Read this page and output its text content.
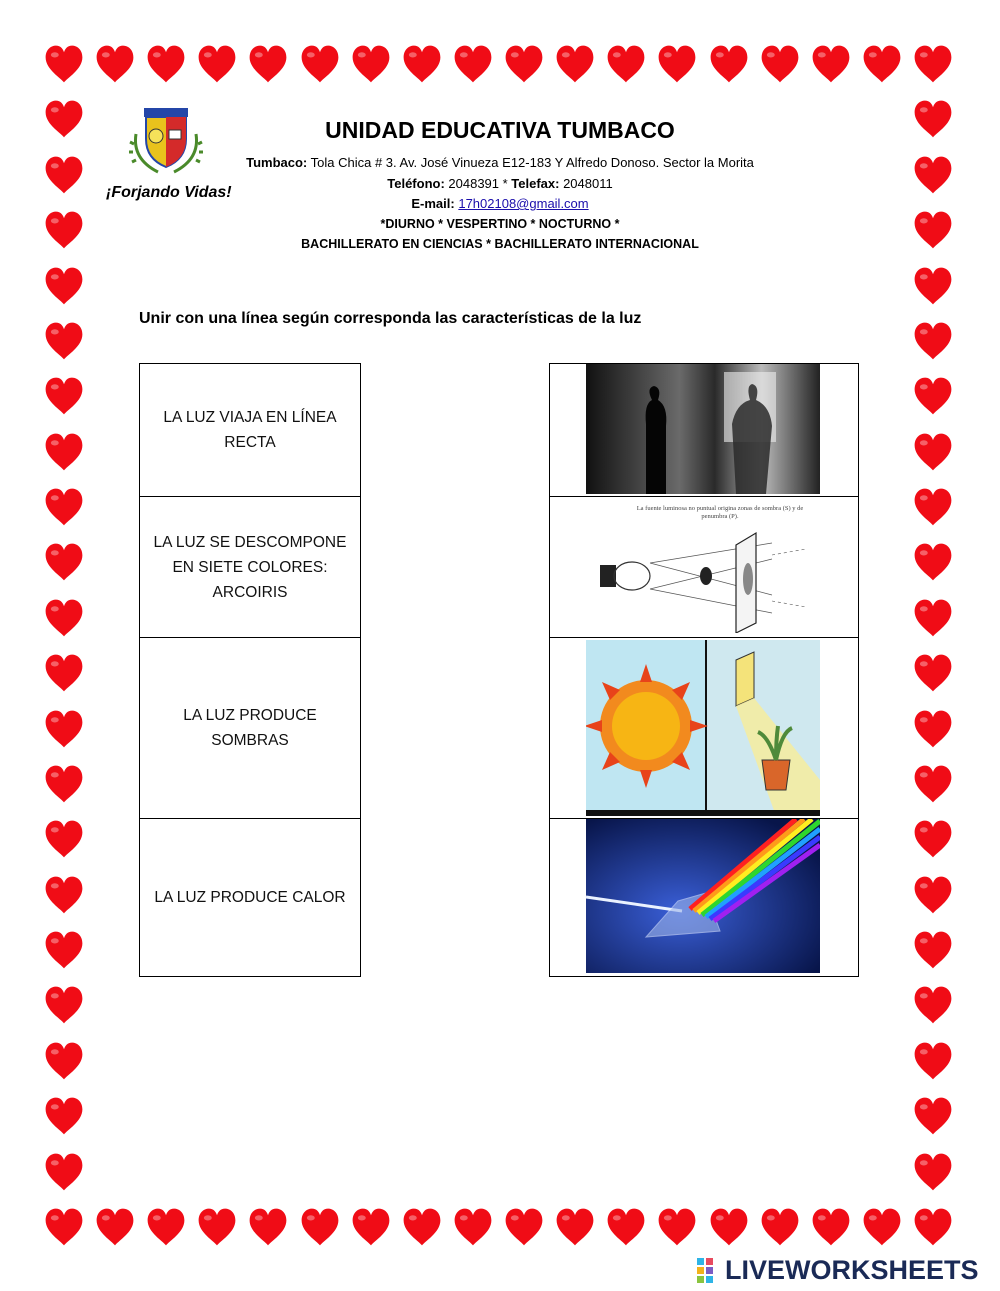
¡Forjando Vidas!
UNIDAD EDUCATIVA TUMBACO
Tumbaco: Tola Chica # 3. Av. José Vinueza E12-183 Y Alfredo Donoso. Sector la Morita
Teléfono: 2048391 * Telefax: 2048011
E-mail: 17h02108@gmail.com
*DIURNO * VESPERTINO * NOCTURNO *
BACHILLERATO EN CIENCIAS * BACHILLERATO INTERNACIONAL
Unir con una línea según corresponda las características de la luz
LA LUZ VIAJA EN LÍNEA RECTA
LA LUZ SE DESCOMPONE EN SIETE COLORES: ARCOIRIS
LA LUZ PRODUCE SOMBRAS
LA LUZ PRODUCE CALOR
La fuente luminosa no puntual origina zonas de sombra (S) y de penumbra (P).
LIVEWORKSHEETS
